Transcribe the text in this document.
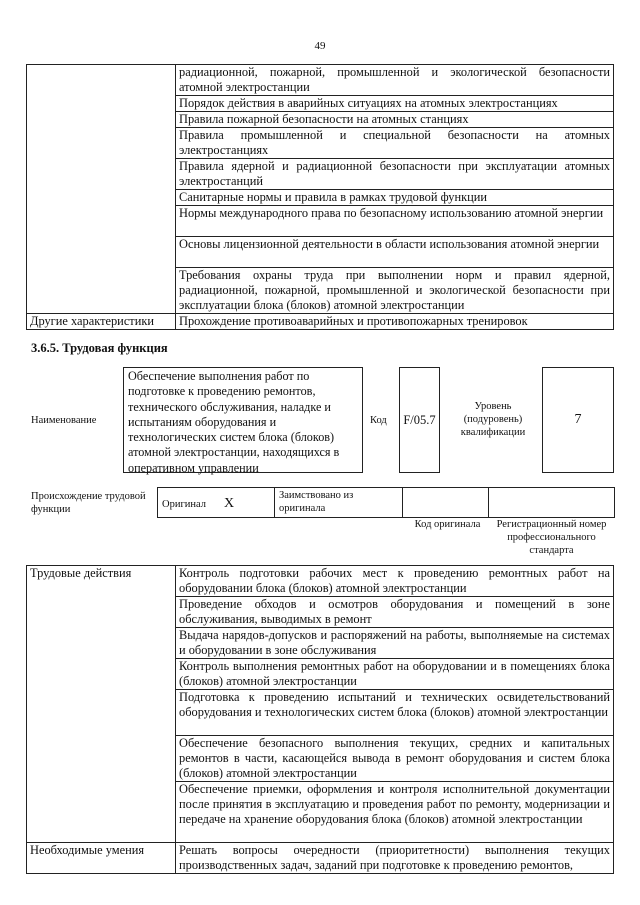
49
	радиационной, пожарной, промышленной и экологической безопасности атомной электростанции
	Порядок действия в аварийных ситуациях на атомных электростанциях
	Правила пожарной безопасности на атомных станциях
	Правила промышленной и специальной безопасности на атомных электростанциях
	Правила ядерной и радиационной безопасности при эксплуатации атомных электростанций
	Санитарные нормы и правила в рамках трудовой функции
	Нормы международного права по безопасному использованию атомной энергии
	Основы лицензионной деятельности в области использования атомной энергии
	Требования охраны труда при выполнении норм и правил ядерной, радиационной, пожарной, промышленной и экологической безопасности при эксплуатации блока (блоков) атомной электростанции
Другие характеристики	Прохождение противоаварийных и противопожарных тренировок
3.6.5. Трудовая функция
Наименование
Обеспечение выполнения работ по подготовке к проведению ремонтов, технического обслуживания, наладке и испытаниям оборудования и технологических систем блока (блоков) атомной электростанции, находящихся в оперативном управлении
Код F/05.7
Уровень (подуровень) квалификации
7
Происхождение трудовой функции	Оригинал X	Заимствовано из оригинала		
Код оригинала	Регистрационный номер профессионального стандарта
Трудовые действия	Контроль подготовки рабочих мест к проведению ремонтных работ на оборудовании блока (блоков) атомной электростанции
	Проведение обходов и осмотров оборудования и помещений в зоне обслуживания, выводимых в ремонт
	Выдача нарядов-допусков и распоряжений на работы, выполняемые на системах и оборудовании в зоне обслуживания
	Контроль выполнения ремонтных работ на оборудовании и в помещениях блока (блоков) атомной электростанции
	Подготовка к проведению испытаний и технических освидетельствований оборудования и технологических систем блока (блоков) атомной электростанции
	Обеспечение безопасного выполнения текущих, средних и капитальных ремонтов в части, касающейся вывода в ремонт оборудования и систем блока (блоков) атомной электростанции
	Обеспечение приемки, оформления и контроля исполнительной документации после принятия в эксплуатацию и проведения работ по ремонту, модернизации и передаче на хранение оборудования блока (блоков) атомной электростанции
Необходимые умения	Решать вопросы очередности (приоритетности) выполнения текущих производственных задач, заданий при подготовке к проведению ремонтов,
